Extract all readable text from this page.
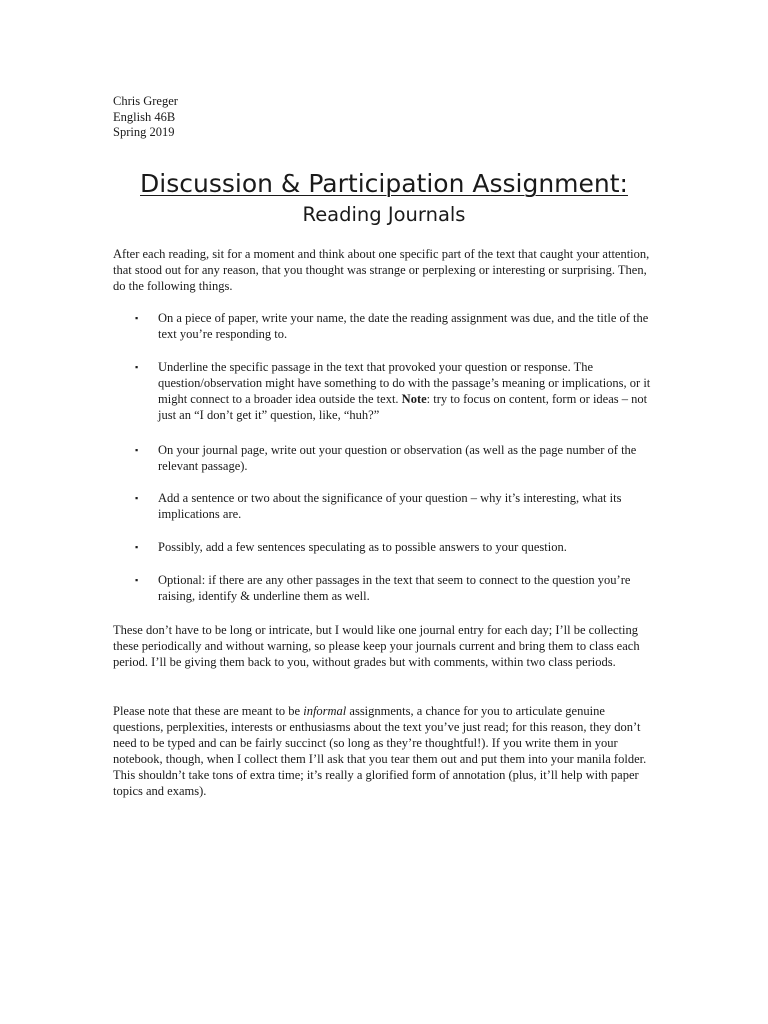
Chris Greger
English 46B
Spring 2019
Discussion & Participation Assignment:
Reading Journals

After each reading, sit for a moment and think about one specific part of the text that caught your attention, that stood out for any reason, that you thought was strange or perplexing or interesting or surprising. Then, do the following things.

▪ On a piece of paper, write your name, the date the reading assignment was due, and the title of the text you’re responding to.
▪ Underline the specific passage in the text that provoked your question or response. The question/observation might have something to do with the passage’s meaning or implications, or it might connect to a broader idea outside the text. Note: try to focus on content, form or ideas – not just an “I don’t get it” question, like, “huh?”
▪ On your journal page, write out your question or observation (as well as the page number of the relevant passage).
▪ Add a sentence or two about the significance of your question – why it’s interesting, what its implications are.
▪ Possibly, add a few sentences speculating as to possible answers to your question.
▪ Optional: if there are any other passages in the text that seem to connect to the question you’re raising, identify & underline them as well.

These don’t have to be long or intricate, but I would like one journal entry for each day; I’ll be collecting these periodically and without warning, so please keep your journals current and bring them to class each period. I’ll be giving them back to you, without grades but with comments, within two class periods.

Please note that these are meant to be informal assignments, a chance for you to articulate genuine questions, perplexities, interests or enthusiasms about the text you’ve just read; for this reason, they don’t need to be typed and can be fairly succinct (so long as they’re thoughtful!). If you write them in your notebook, though, when I collect them I’ll ask that you tear them out and put them into your manila folder. This shouldn’t take tons of extra time; it’s really a glorified form of annotation (plus, it’ll help with paper topics and exams).
